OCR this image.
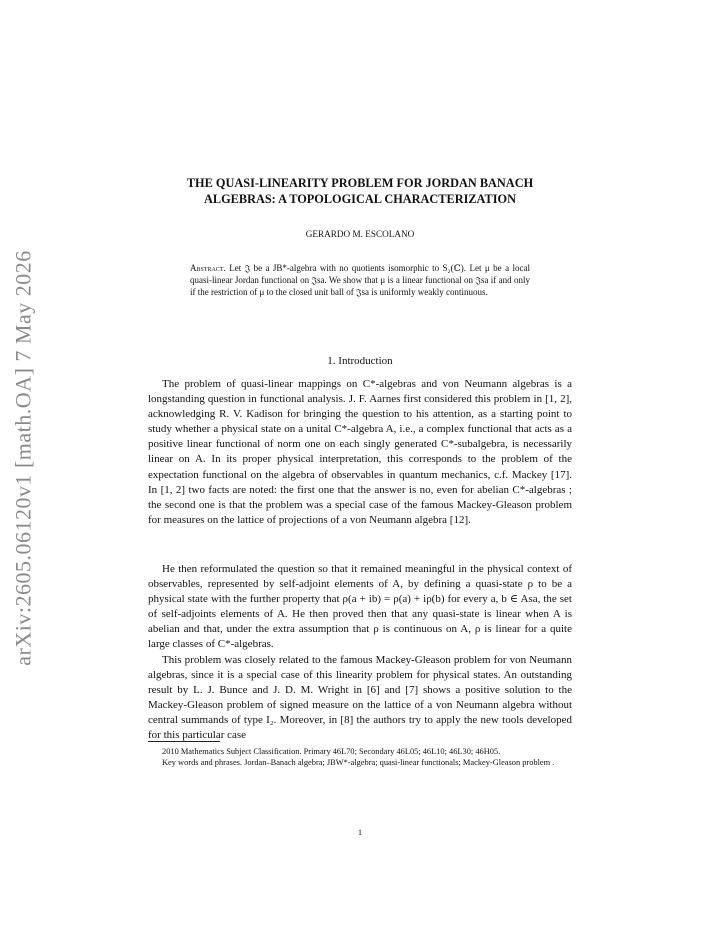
arXiv:2605.06120v1 [math.OA] 7 May 2026
THE QUASI-LINEARITY PROBLEM FOR JORDAN BANACH
ALGEBRAS: A TOPOLOGICAL CHARACTERIZATION
GERARDO M. ESCOLANO
Abstract. Let 𝔍 be a JB*-algebra with no quotients isomorphic to S₂(ℂ). Let μ be a local quasi-linear Jordan functional on 𝔍sa. We show that μ is a linear functional on 𝔍sa if and only if the restriction of μ to the closed unit ball of 𝔍sa is uniformly weakly continuous.
1. Introduction

The problem of quasi-linear mappings on C*-algebras and von Neumann algebras is a longstanding question in functional analysis. J. F. Aarnes first considered this problem in [1, 2], acknowledging R. V. Kadison for bringing the question to his attention, as a starting point to study whether a physical state on a unital C*-algebra A, i.e., a complex functional that acts as a positive linear functional of norm one on each singly generated C*-subalgebra, is necessarily linear on A. In its proper physical interpretation, this corresponds to the problem of the expectation functional on the algebra of observables in quantum mechanics, c.f. Mackey [17]. In [1, 2] two facts are noted: the first one that the answer is no, even for abelian C*-algebras ; the second one is that the problem was a special case of the famous Mackey-Gleason problem for measures on the lattice of projections of a von Neumann algebra [12].

He then reformulated the question so that it remained meaningful in the physical context of observables, represented by self-adjoint elements of A, by defining a quasi-state ρ to be a physical state with the further property that ρ(a + ib) = ρ(a) + iρ(b) for every a, b ∈ Asa, the set of self-adjoints elements of A. He then proved then that any quasi-state is linear when A is abelian and that, under the extra assumption that ρ is continuous on A, ρ is linear for a quite large classes of C*-algebras.

This problem was closely related to the famous Mackey-Gleason problem for von Neumann algebras, since it is a special case of this linearity problem for physical states. An outstanding result by L. J. Bunce and J. D. M. Wright in [6] and [7] shows a positive solution to the Mackey-Gleason problem of signed measure on the lattice of a von Neumann algebra without central summands of type I₂. Moreover, in [8] the authors try to apply the new tools developed for this particular case

2010 Mathematics Subject Classification. Primary 46L70; Secondary 46L05; 46L10; 46L30; 46H05.

Key words and phrases. Jordan–Banach algebra; JBW*-algebra; quasi-linear functionals; Mackey-Gleason problem .

1
